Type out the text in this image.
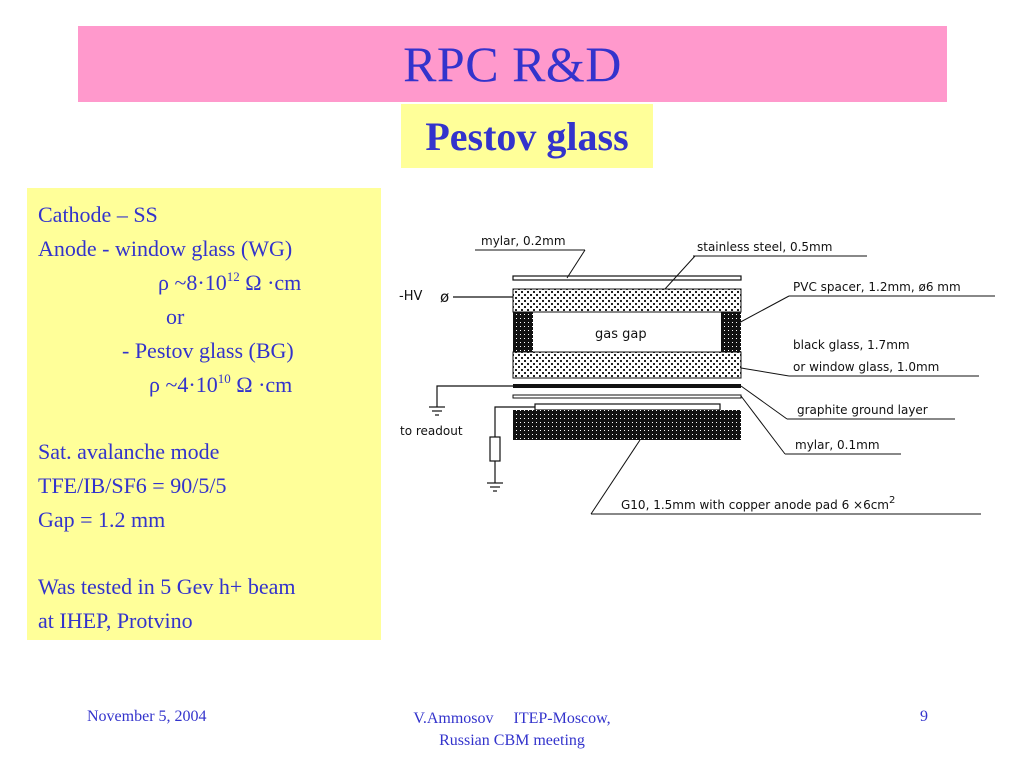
RPC R&D
Pestov glass
Cathode – SS
Anode - window glass (WG)
ρ $\sim 8\cdot 10^{12}$ Ω ·cm
or
- Pestov glass (BG)
ρ $\sim 4\cdot 10^{10}$ Ω ·cm
Sat. avalanche mode
TFE/IB/SF6 = 90/5/5
Gap = 1.2 mm
Was tested in 5 Gev h+ beam
at IHEP, Protvino
gas gap
-HV ø
to readout
mylar, 0.2mm	stainless steel, 0.5mm
PVC spacer, 1.2mm, ø6 mm
black glass, 1.7mm
or window glass, 1.0mm
graphite ground layer
mylar, 0.1mm
G10, 1.5mm with copper anode pad $6 \times 6cm^2$
November 5, 2004	V.Ammosov     ITEP-Moscow,
Russian CBM meeting
9
